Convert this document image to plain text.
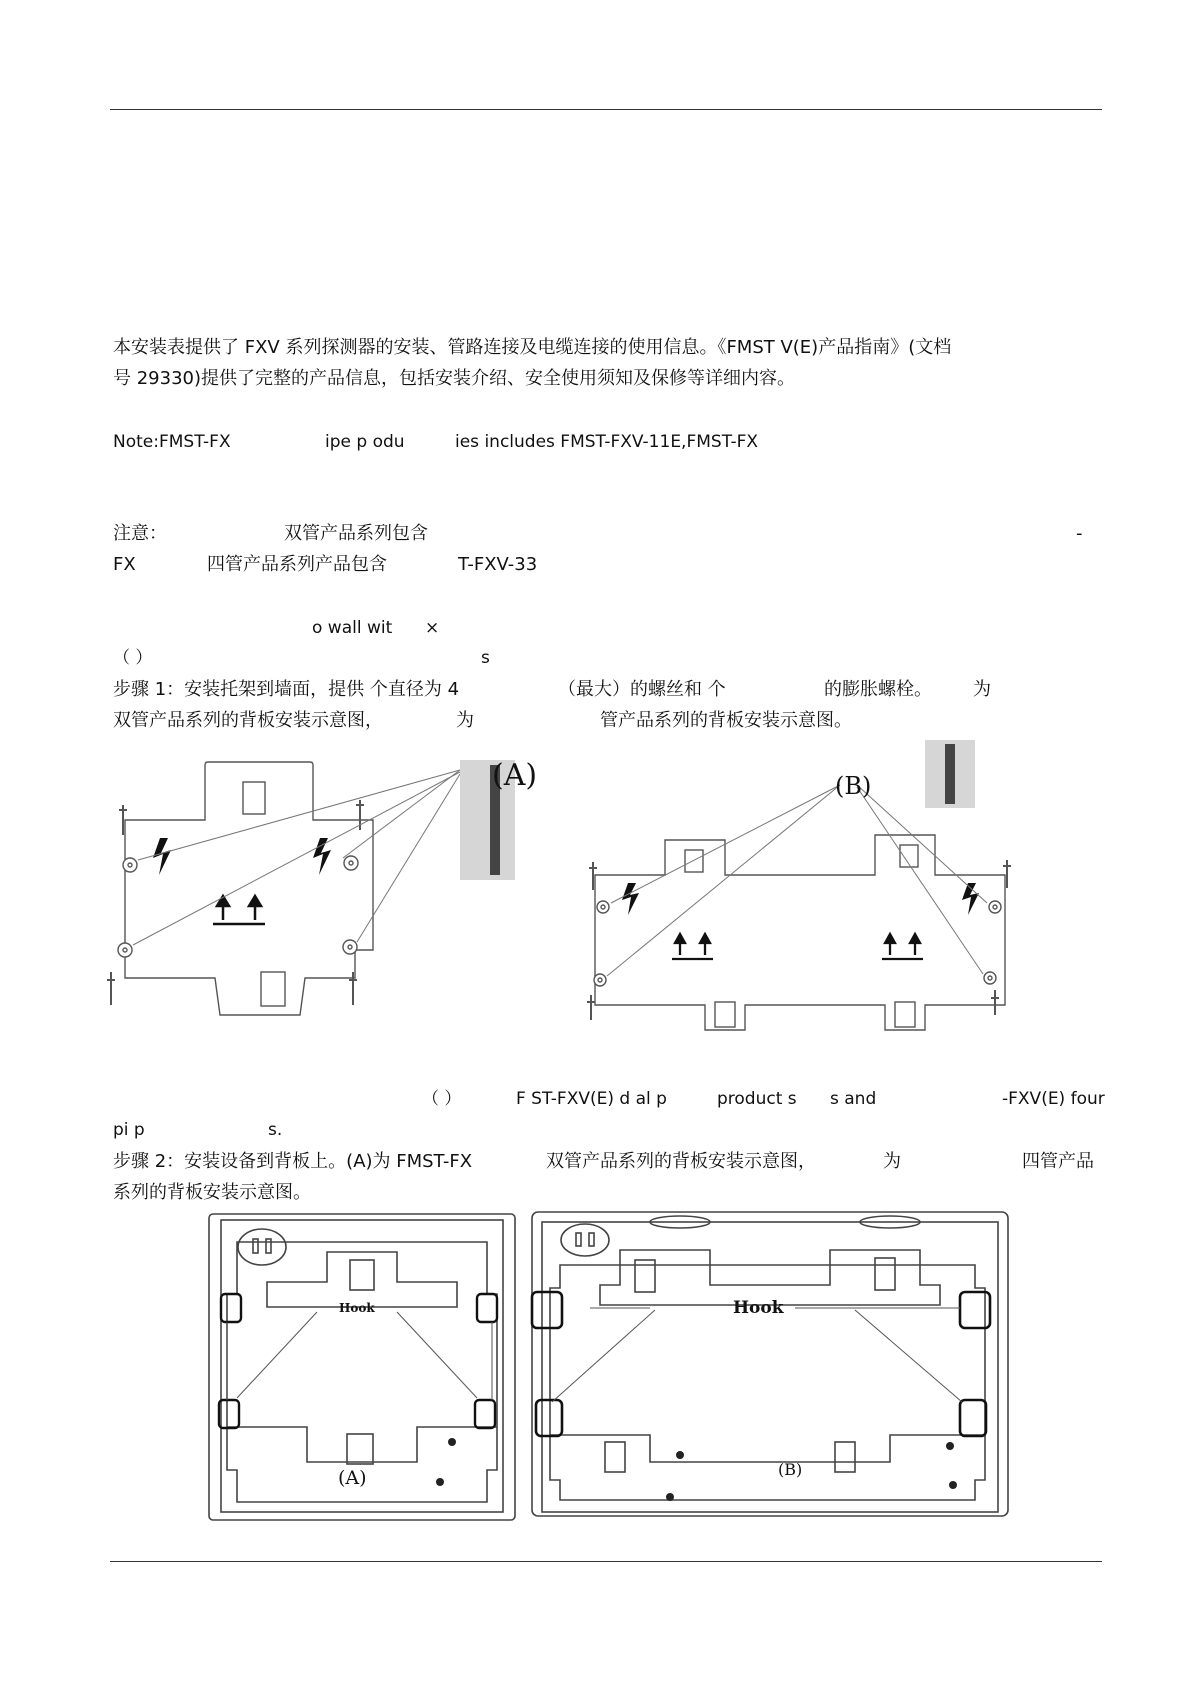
本安装表提供了 FXV 系列探测器的安装、管路连接及电缆连接的使用信息。《FMST V(E)产品指南》(文档
号 29330)提供了完整的产品信息，包括安装介绍、安全使用须知及保修等详细内容。
Note:FMST-FX	ipe p odu	ies includes FMST-FXV-11E,FMST-FX
注意：	双管产品系列包含	-
FX	四管产品系列产品包含	T-FXV-33
o wall wit ×
（ ）	s
步骤 1：安装托架到墙面，提供 个直径为 4	（最大）的螺丝和 个	的膨胀螺栓。 为
双管产品系列的背板安装示意图，	为	管产品系列的背板安装示意图。
(A)	(B)
（ ）	F ST-FXV(E) d al p	product s s and	-FXV(E) four
pi p	s.
步骤 2：安装设备到背板上。(A)为 FMST-FX	双管产品系列的背板安装示意图，	为	四管产品
系列的背板安装示意图。
Hook
(A)
Hook
(B)
